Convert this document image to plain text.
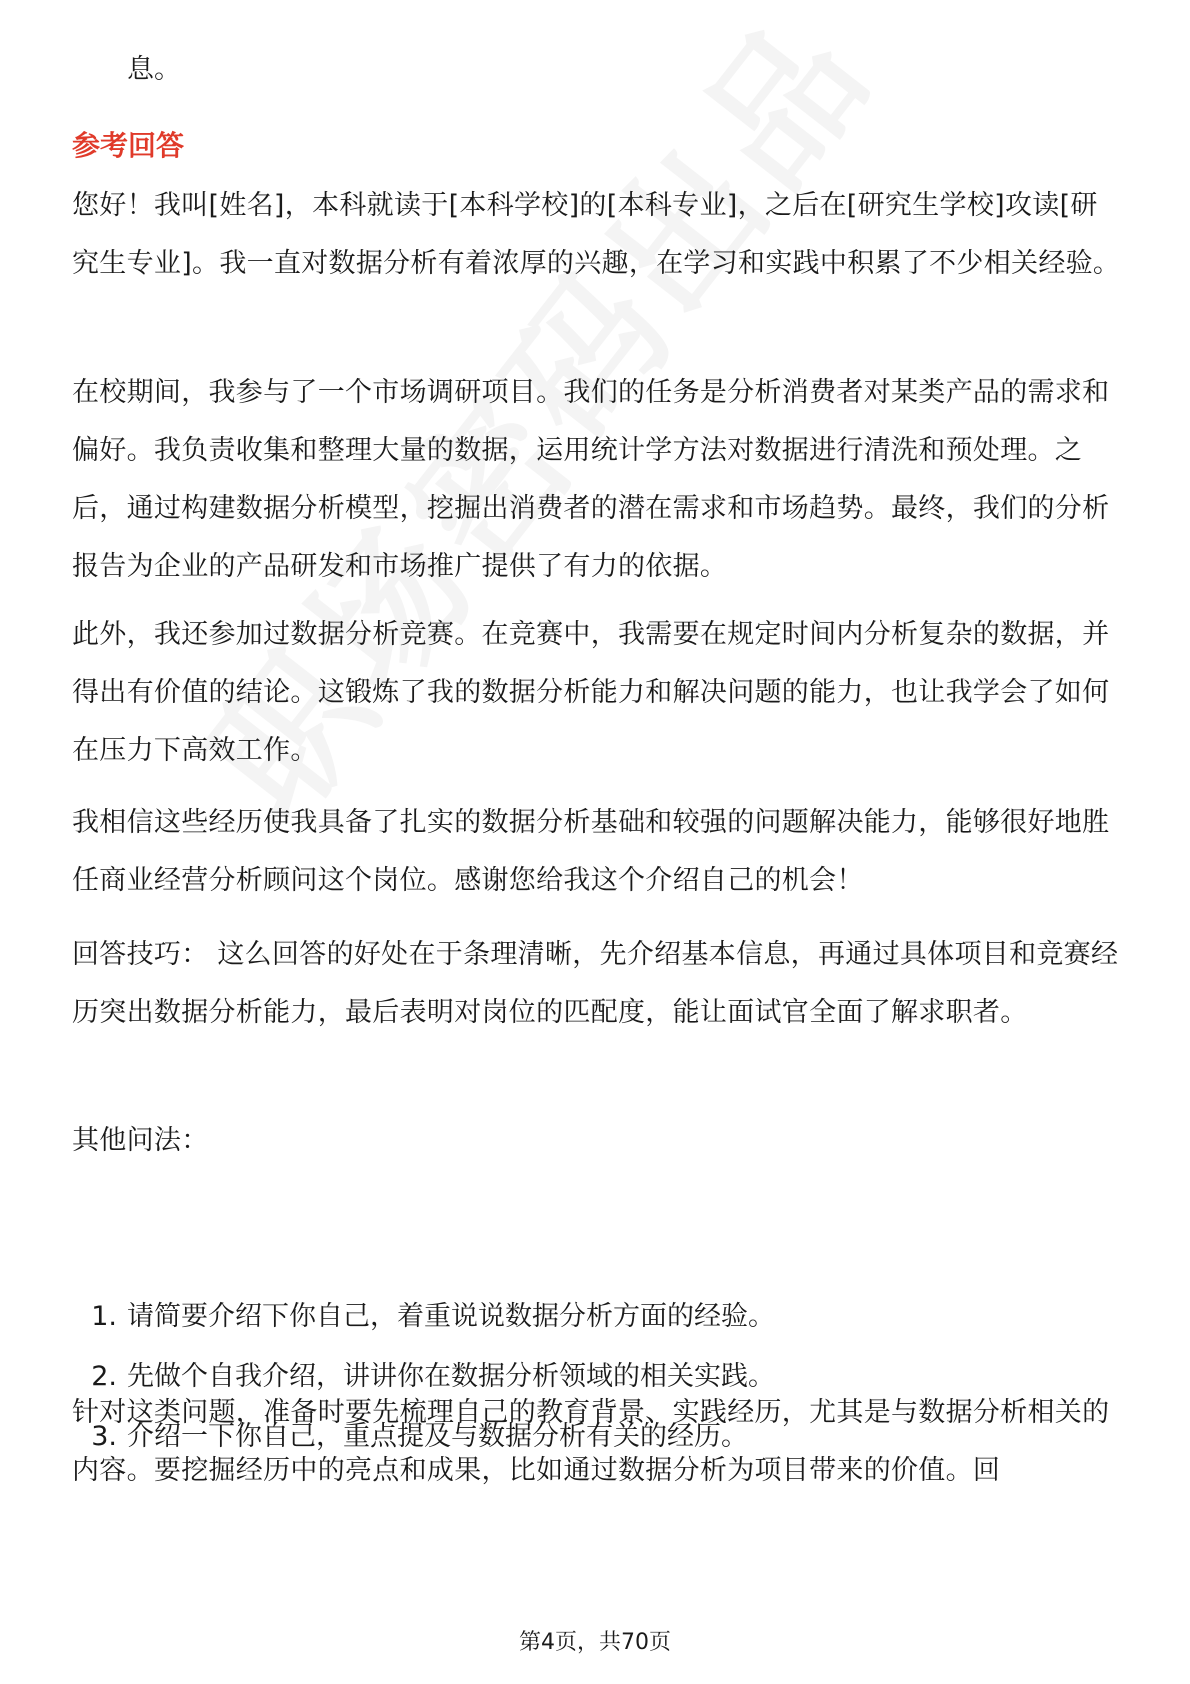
息。

参考回答

您好！我叫[姓名]，本科就读于[本科学校]的[本科专业]，之后在[研究生学校]攻读[研究生专业]。我一直对数据分析有着浓厚的兴趣，在学习和实践中积累了不少相关经验。

在校期间，我参与了一个市场调研项目。我们的任务是分析消费者对某类产品的需求和偏好。我负责收集和整理大量的数据，运用统计学方法对数据进行清洗和预处理。之后，通过构建数据分析模型，挖掘出消费者的潜在需求和市场趋势。最终，我们的分析报告为企业的产品研发和市场推广提供了有力的依据。

此外，我还参加过数据分析竞赛。在竞赛中，我需要在规定时间内分析复杂的数据，并得出有价值的结论。这锻炼了我的数据分析能力和解决问题的能力，也让我学会了如何在压力下高效工作。

我相信这些经历使我具备了扎实的数据分析基础和较强的问题解决能力，能够很好地胜任商业经营分析顾问这个岗位。感谢您给我这个介绍自己的机会！

回答技巧： 这么回答的好处在于条理清晰，先介绍基本信息，再通过具体项目和竞赛经历突出数据分析能力，最后表明对岗位的匹配度，能让面试官全面了解求职者。

其他问法：

1. 请简要介绍下你自己，着重说说数据分析方面的经验。
2. 先做个自我介绍，讲讲你在数据分析领域的相关实践。
3. 介绍一下你自己，重点提及与数据分析有关的经历。

针对这类问题，准备时要先梳理自己的教育背景、实践经历，尤其是与数据分析相关的内容。要挖掘经历中的亮点和成果，比如通过数据分析为项目带来的价值。回

第4页，共70页
